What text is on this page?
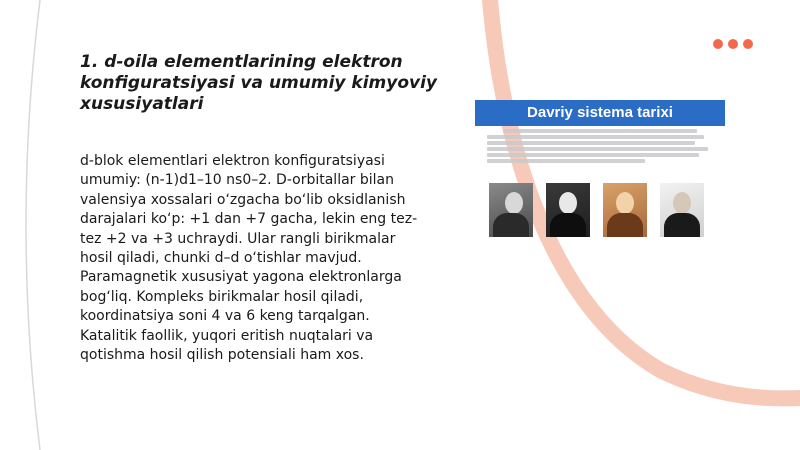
1. d-oila elementlarining elektron konfiguratsiyasi va umumiy kimyoviy xususiyatlari

d-blok elementlari elektron konfiguratsiyasi umumiy: (n-1)d1–10 ns0–2. D-orbitallar bilan valensiya xossalari o‘zgacha bo‘lib oksidlanish darajalari ko‘p: +1 dan +7 gacha, lekin eng tez-tez +2 va +3 uchraydi. Ular rangli birikmalar hosil qiladi, chunki d–d o‘tishlar mavjud. Paramagnetik xususiyat yagona elektronlarga bog‘liq. Kompleks birikmalar hosil qiladi, koordinatsiya soni 4 va 6 keng tarqalgan. Katalitik faollik, yuqori eritish nuqtalari va qotishma hosil qilish potensiali ham xos.

Davriy sistema tarixi
